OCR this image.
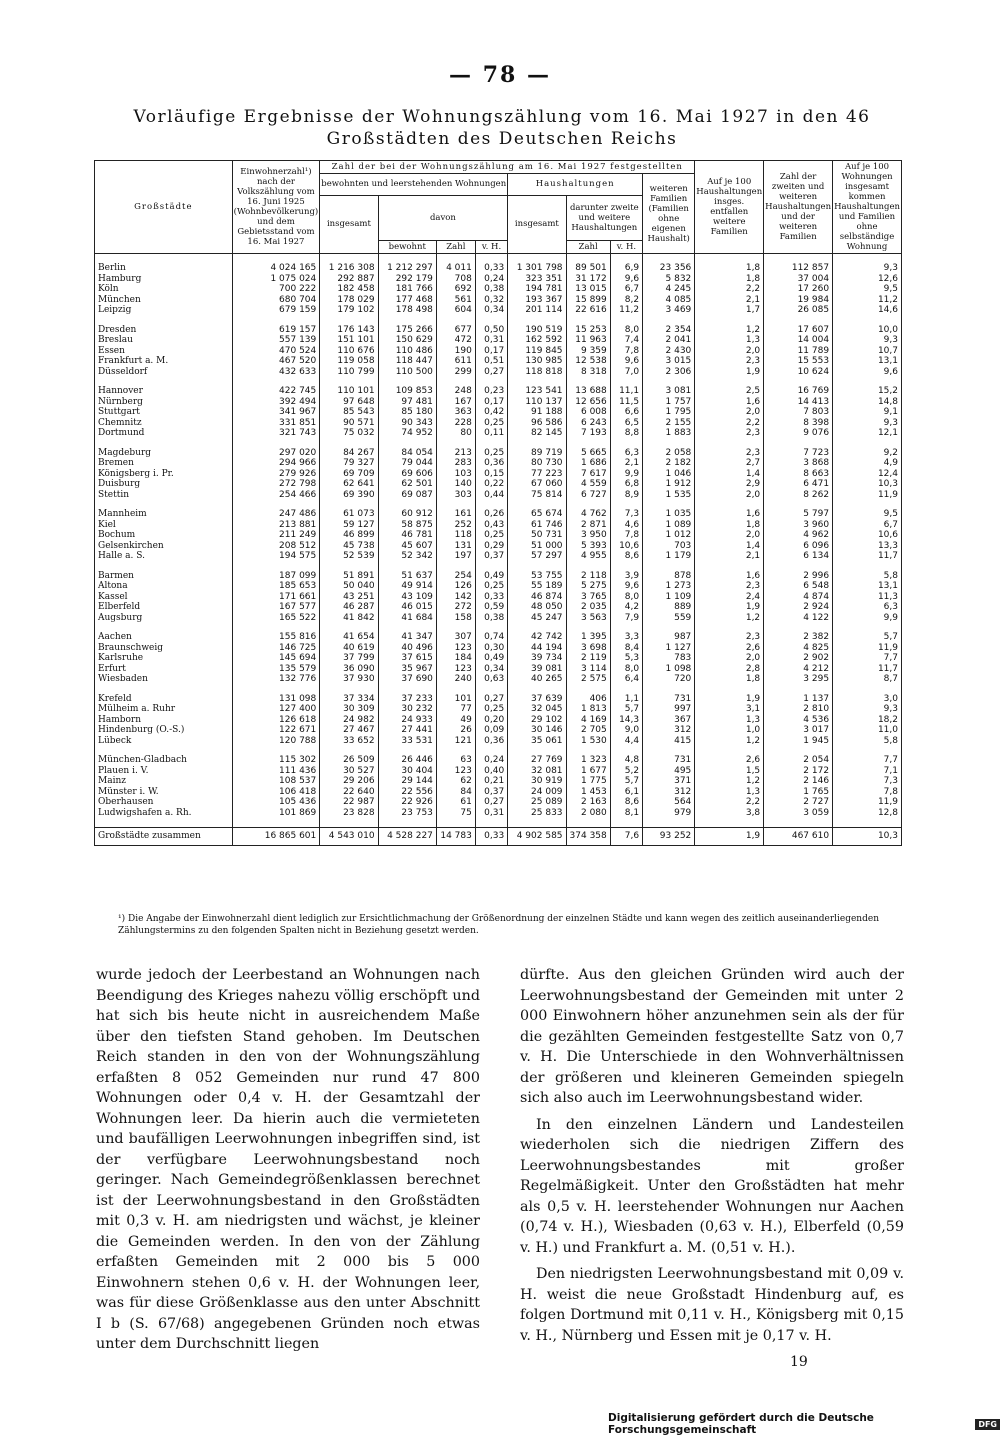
— 78 —
Vorläufige Ergebnisse der Wohnungszählung vom 16. Mai 1927 in den 46 Großstädten des Deutschen Reichs
Großstädte	Einwohnerzahl¹) nach der Volkszählung vom 16. Juni 1925 (Wohnbevölkerung) und dem Gebietsstand vom 16. Mai 1927	Zahl der bei der Wohnungszählung am 16. Mai 1927 festgestellten								Auf je 100 Haushaltungen insges. entfallen weitere Familien	Zahl der zweiten und weiteren Haushaltungen und der weiteren Familien	Auf je 100 Wohnungen insgesamt kommen Haushaltungen und Familien ohne selbständige Wohnung
		bewohnten und leerstehenden Wohnungen				Haushaltungen			weiteren Familien (Familien ohne eigenen Haushalt)			
		insgesamt	davon			insgesamt	darunter zweite und weitere Haushaltungen					
			bewohnt	Zahl	v. H.		Zahl	v. H.				

Berlin	4 024 165	1 216 308	1 212 297	4 011	0,33	1 301 798	89 501	6,9	23 356	1,8	112 857	9,3
Hamburg	1 075 024	292 887	292 179	708	0,24	323 351	31 172	9,6	5 832	1,8	37 004	12,6
Köln	700 222	182 458	181 766	692	0,38	194 781	13 015	6,7	4 245	2,2	17 260	9,5
München	680 704	178 029	177 468	561	0,32	193 367	15 899	8,2	4 085	2,1	19 984	11,2
Leipzig	679 159	179 102	178 498	604	0,34	201 114	22 616	11,2	3 469	1,7	26 085	14,6

Dresden	619 157	176 143	175 266	677	0,50	190 519	15 253	8,0	2 354	1,2	17 607	10,0
Breslau	557 139	151 101	150 629	472	0,31	162 592	11 963	7,4	2 041	1,3	14 004	9,3
Essen	470 524	110 676	110 486	190	0,17	119 845	9 359	7,8	2 430	2,0	11 789	10,7
Frankfurt a. M.	467 520	119 058	118 447	611	0,51	130 985	12 538	9,6	3 015	2,3	15 553	13,1
Düsseldorf	432 633	110 799	110 500	299	0,27	118 818	8 318	7,0	2 306	1,9	10 624	9,6

Hannover	422 745	110 101	109 853	248	0,23	123 541	13 688	11,1	3 081	2,5	16 769	15,2
Nürnberg	392 494	97 648	97 481	167	0,17	110 137	12 656	11,5	1 757	1,6	14 413	14,8
Stuttgart	341 967	85 543	85 180	363	0,42	91 188	6 008	6,6	1 795	2,0	7 803	9,1
Chemnitz	331 851	90 571	90 343	228	0,25	96 586	6 243	6,5	2 155	2,2	8 398	9,3
Dortmund	321 743	75 032	74 952	80	0,11	82 145	7 193	8,8	1 883	2,3	9 076	12,1

Magdeburg	297 020	84 267	84 054	213	0,25	89 719	5 665	6,3	2 058	2,3	7 723	9,2
Bremen	294 966	79 327	79 044	283	0,36	80 730	1 686	2,1	2 182	2,7	3 868	4,9
Königsberg i. Pr.	279 926	69 709	69 606	103	0,15	77 223	7 617	9,9	1 046	1,4	8 663	12,4
Duisburg	272 798	62 641	62 501	140	0,22	67 060	4 559	6,8	1 912	2,9	6 471	10,3
Stettin	254 466	69 390	69 087	303	0,44	75 814	6 727	8,9	1 535	2,0	8 262	11,9

Mannheim	247 486	61 073	60 912	161	0,26	65 674	4 762	7,3	1 035	1,6	5 797	9,5
Kiel	213 881	59 127	58 875	252	0,43	61 746	2 871	4,6	1 089	1,8	3 960	6,7
Bochum	211 249	46 899	46 781	118	0,25	50 731	3 950	7,8	1 012	2,0	4 962	10,6
Gelsenkirchen	208 512	45 738	45 607	131	0,29	51 000	5 393	10,6	703	1,4	6 096	13,3
Halle a. S.	194 575	52 539	52 342	197	0,37	57 297	4 955	8,6	1 179	2,1	6 134	11,7

Barmen	187 099	51 891	51 637	254	0,49	53 755	2 118	3,9	878	1,6	2 996	5,8
Altona	185 653	50 040	49 914	126	0,25	55 189	5 275	9,6	1 273	2,3	6 548	13,1
Kassel	171 661	43 251	43 109	142	0,33	46 874	3 765	8,0	1 109	2,4	4 874	11,3
Elberfeld	167 577	46 287	46 015	272	0,59	48 050	2 035	4,2	889	1,9	2 924	6,3
Augsburg	165 522	41 842	41 684	158	0,38	45 247	3 563	7,9	559	1,2	4 122	9,9

Aachen	155 816	41 654	41 347	307	0,74	42 742	1 395	3,3	987	2,3	2 382	5,7
Braunschweig	146 725	40 619	40 496	123	0,30	44 194	3 698	8,4	1 127	2,6	4 825	11,9
Karlsruhe	145 694	37 799	37 615	184	0,49	39 734	2 119	5,3	783	2,0	2 902	7,7
Erfurt	135 579	36 090	35 967	123	0,34	39 081	3 114	8,0	1 098	2,8	4 212	11,7
Wiesbaden	132 776	37 930	37 690	240	0,63	40 265	2 575	6,4	720	1,8	3 295	8,7

Krefeld	131 098	37 334	37 233	101	0,27	37 639	406	1,1	731	1,9	1 137	3,0
Mülheim a. Ruhr	127 400	30 309	30 232	77	0,25	32 045	1 813	5,7	997	3,1	2 810	9,3
Hamborn	126 618	24 982	24 933	49	0,20	29 102	4 169	14,3	367	1,3	4 536	18,2
Hindenburg (O.-S.)	122 671	27 467	27 441	26	0,09	30 146	2 705	9,0	312	1,0	3 017	11,0
Lübeck	120 788	33 652	33 531	121	0,36	35 061	1 530	4,4	415	1,2	1 945	5,8

München-Gladbach	115 302	26 509	26 446	63	0,24	27 769	1 323	4,8	731	2,6	2 054	7,7
Plauen i. V.	111 436	30 527	30 404	123	0,40	32 081	1 677	5,2	495	1,5	2 172	7,1
Mainz	108 537	29 206	29 144	62	0,21	30 919	1 775	5,7	371	1,2	2 146	7,3
Münster i. W.	106 418	22 640	22 556	84	0,37	24 009	1 453	6,1	312	1,3	1 765	7,8
Oberhausen	105 436	22 987	22 926	61	0,27	25 089	2 163	8,6	564	2,2	2 727	11,9
Ludwigshafen a. Rh.	101 869	23 828	23 753	75	0,31	25 833	2 080	8,1	979	3,8	3 059	12,8

Großstädte zusammen	16 865 601	4 543 010	4 528 227	14 783	0,33	4 902 585	374 358	7,6	93 252	1,9	467 610	10,3
¹) Die Angabe der Einwohnerzahl dient lediglich zur Ersichtlichmachung der Größenordnung der einzelnen Städte und kann wegen des zeitlich auseinanderliegenden Zählungstermins zu den folgenden Spalten nicht in Beziehung gesetzt werden.

wurde jedoch der Leerbestand an Wohnungen nach Beendigung des Krieges nahezu völlig erschöpft und hat sich bis heute nicht in ausreichendem Maße über den tiefsten Stand gehoben. Im Deutschen Reich standen in den von der Wohnungszählung erfaßten 8 052 Gemeinden nur rund 47 800 Wohnungen oder 0,4 v. H. der Gesamtzahl der Wohnungen leer. Da hierin auch die vermieteten und baufälligen Leerwohnungen inbegriffen sind, ist der verfügbare Leerwohnungsbestand noch geringer. Nach Gemeindegrößenklassen berechnet ist der Leerwohnungsbestand in den Großstädten mit 0,3 v. H. am niedrigsten und wächst, je kleiner die Gemeinden werden. In den von der Zählung erfaßten Gemeinden mit 2 000 bis 5 000 Einwohnern stehen 0,6 v. H. der Wohnungen leer, was für diese Größenklasse aus den unter Abschnitt I b (S. 67/68) angegebenen Gründen noch etwas unter dem Durchschnitt liegen

dürfte. Aus den gleichen Gründen wird auch der Leerwohnungsbestand der Gemeinden mit unter 2 000 Einwohnern höher anzunehmen sein als der für die gezählten Gemeinden festgestellte Satz von 0,7 v. H. Die Unterschiede in den Wohnverhältnissen der größeren und kleineren Gemeinden spiegeln sich also auch im Leerwohnungsbestand wider.

In den einzelnen Ländern und Landesteilen wiederholen sich die niedrigen Ziffern des Leerwohnungsbestandes mit großer Regelmäßigkeit. Unter den Großstädten hat mehr als 0,5 v. H. leerstehender Wohnungen nur Aachen (0,74 v. H.), Wiesbaden (0,63 v. H.), Elberfeld (0,59 v. H.) und Frankfurt a. M. (0,51 v. H.).

Den niedrigsten Leerwohnungsbestand mit 0,09 v. H. weist die neue Großstadt Hindenburg auf, es folgen Dortmund mit 0,11 v. H., Königsberg mit 0,15 v. H., Nürnberg und Essen mit je 0,17 v. H.

19
Digitalisierung gefördert durch die Deutsche Forschungsgemeinschaft	DFG
